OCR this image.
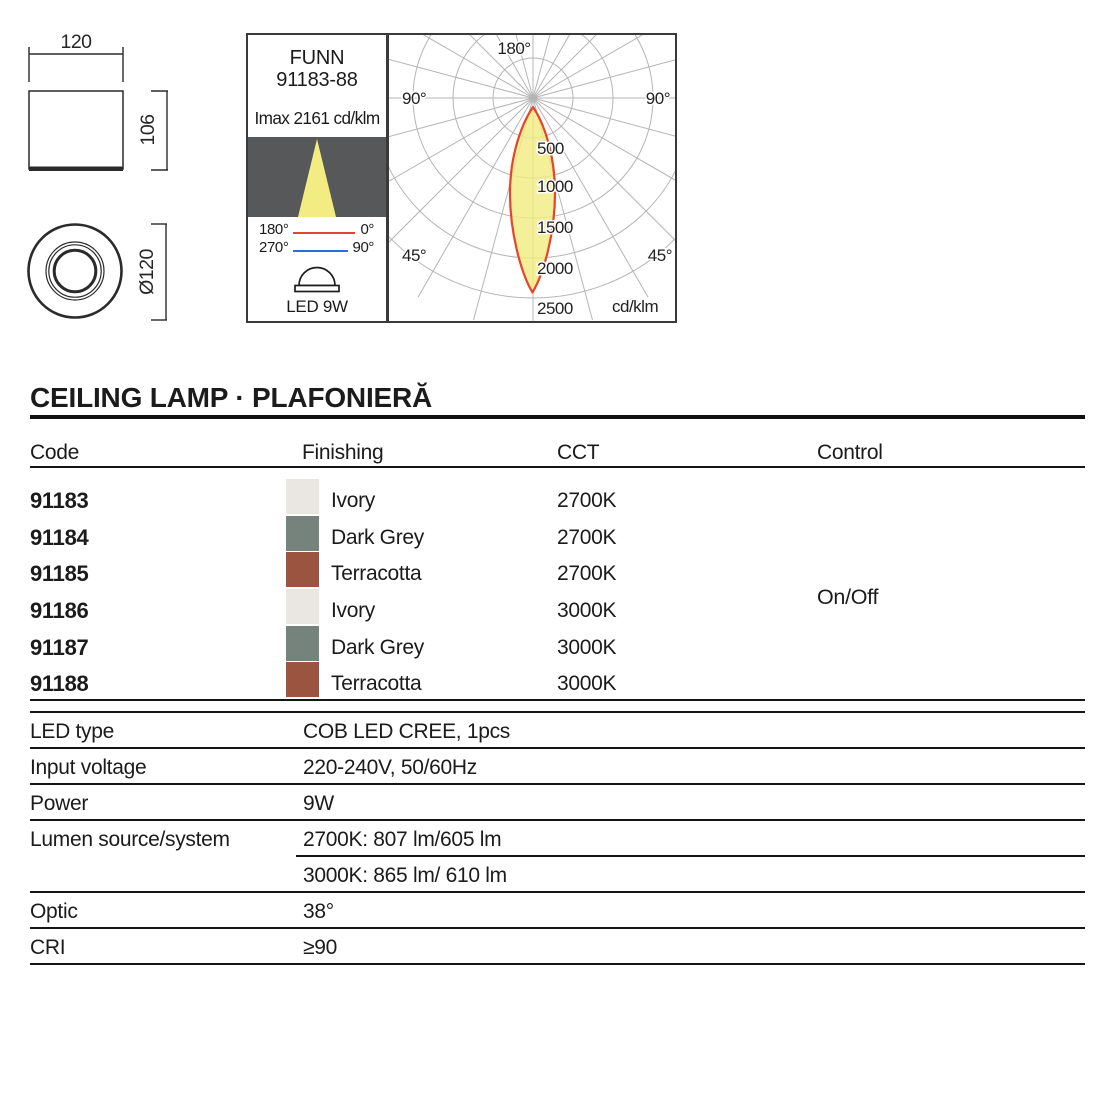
120
106
Ø120
FUNN
91183-88
Imax 2161 cd/klm
180°	0°
270°	90°
LED 9W
180°
90°	90°
45°	45°
500
1000
1500
2000
2500 cd/klm
CEILING LAMP · PLAFONIERĂ
Code	Finishing	CCT	Control
91183	Ivory	2700K
91184	Dark Grey	2700K
91185	Terracotta	2700K
91186	Ivory	3000K
91187	Dark Grey	3000K
91188	Terracotta	3000K
On/Off
LED type	COB LED CREE, 1pcs
Input voltage	220-240V, 50/60Hz
Power	9W
Lumen source/system	2700K: 807 lm/605 lm
3000K: 865 lm/ 610 lm
Optic	38°
CRI	≥90
